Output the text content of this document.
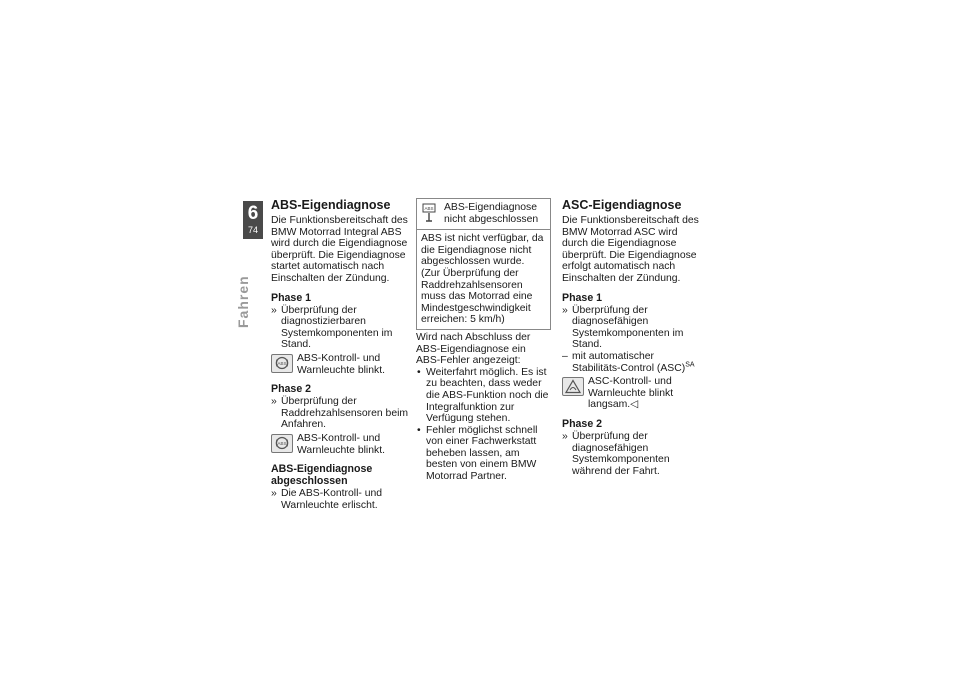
6
74
Fahren
ABS-Eigendiagnose

Die Funktionsbereitschaft des BMW Motorrad Integral ABS wird durch die Eigendiagnose überprüft. Die Eigendiagnose startet automatisch nach Einschalten der Zündung.

Phase 1
» Überprüfung der diagnostizierbaren Systemkomponenten im Stand.
ABS ABS-Kontroll- und Warnleuchte blinkt.
Phase 2
» Überprüfung der Raddrehzahlsensoren beim Anfahren.
ABS ABS-Kontroll- und Warnleuchte blinkt.
ABS-Eigendiagnose abgeschlossen
» Die ABS-Kontroll- und Warnleuchte erlischt.
ABS ABS-Eigendiagnose nicht abgeschlossen
ABS ist nicht verfügbar, da die Eigendiagnose nicht abgeschlossen wurde. (Zur Überprüfung der Raddrehzahlsensoren muss das Motorrad eine Mindestgeschwindigkeit erreichen: 5 km/h)

Wird nach Abschluss der ABS-Eigendiagnose ein ABS-Fehler angezeigt:

• Weiterfahrt möglich. Es ist zu beachten, dass weder die ABS-Funktion noch die Integralfunktion zur Verfügung stehen.
• Fehler möglichst schnell von einer Fachwerkstatt beheben lassen, am besten von einem BMW Motorrad Partner.
ASC-Eigendiagnose

Die Funktionsbereitschaft des BMW Motorrad ASC wird durch die Eigendiagnose überprüft. Die Eigendiagnose erfolgt automatisch nach Einschalten der Zündung.

Phase 1
» Überprüfung der diagnosefähigen Systemkomponenten im Stand.
– mit automatischer Stabilitäts-Control (ASC)$^{SA}$
ASC-Kontroll- und Warnleuchte blinkt langsam.◁
Phase 2
» Überprüfung der diagnosefähigen Systemkomponenten während der Fahrt.
